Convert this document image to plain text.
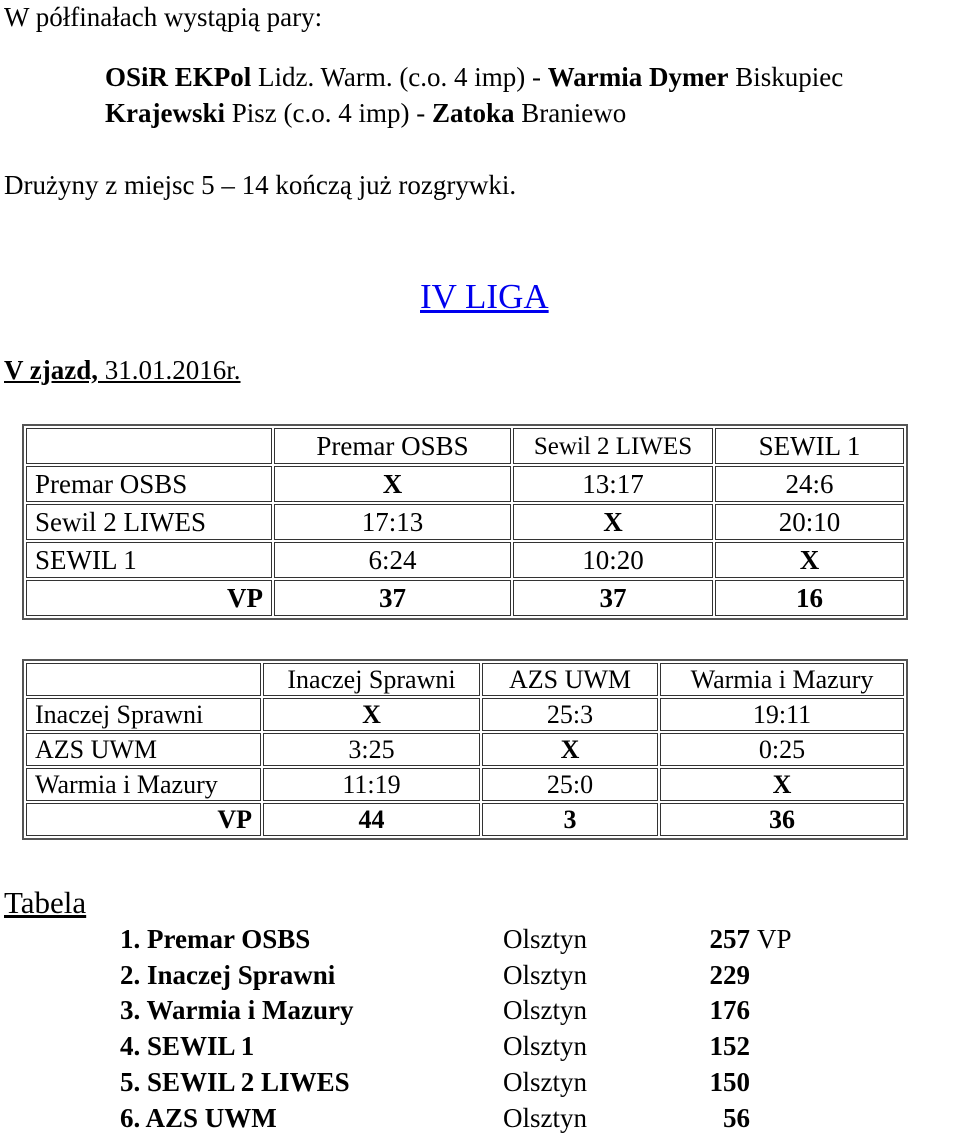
W półfinałach wystąpią pary:
OSiR EKPol Lidz. Warm. (c.o. 4 imp) - Warmia Dymer Biskupiec
Krajewski Pisz (c.o. 4 imp) - Zatoka Braniewo
Drużyny z miejsc 5 – 14 kończą już rozgrywki.
IV LIGA
V zjazd, 31.01.2016r.
	Premar OSBS	Sewil 2 LIWES	SEWIL 1
Premar OSBS	X	13:17	24:6
Sewil 2 LIWES	17:13	X	20:10
SEWIL 1	6:24	10:20	X
VP	37	37	16
	Inaczej Sprawni	AZS UWM	Warmia i Mazury
Inaczej Sprawni	X	25:3	19:11
AZS UWM	3:25	X	0:25
Warmia i Mazury	11:19	25:0	X
VP	44	3	36
Tabela
1. Premar OSBS	Olsztyn	257 VP
2. Inaczej Sprawni	Olsztyn	229
3. Warmia i Mazury	Olsztyn	176
4. SEWIL 1	Olsztyn	152
5. SEWIL 2 LIWES	Olsztyn	150
6. AZS UWM	Olsztyn	56
